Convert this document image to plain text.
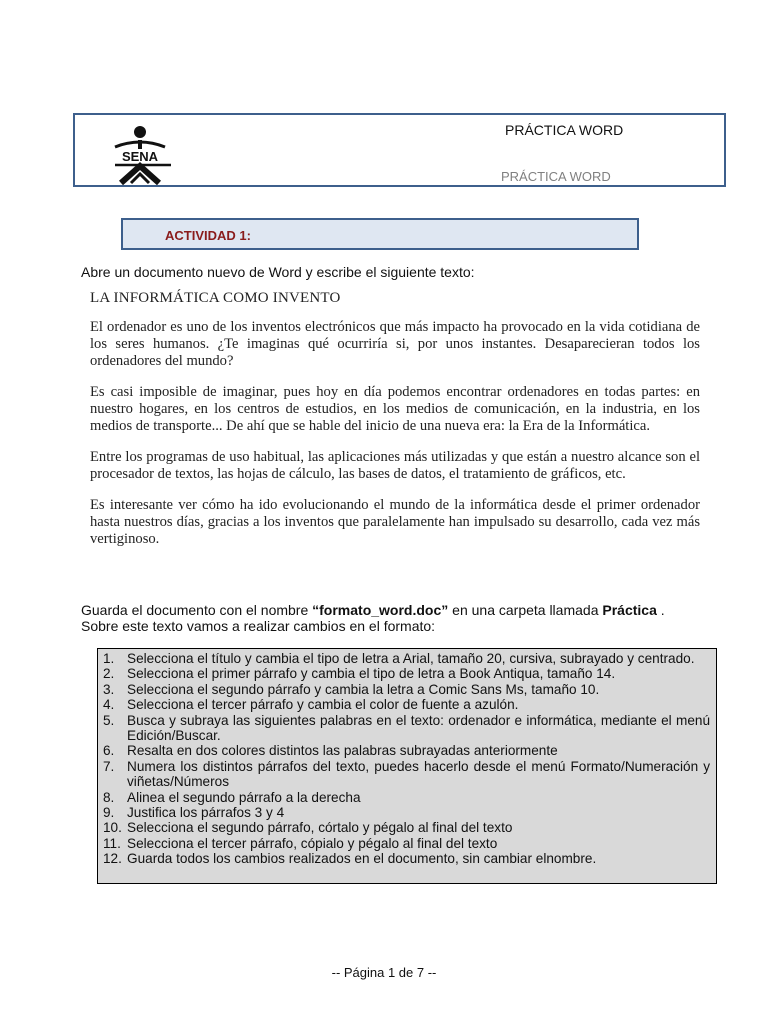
SENA
PRÁCTICA WORD
PRÁCTICA WORD
ACTIVIDAD 1:
Abre un documento nuevo de Word y escribe el siguiente texto:
LA INFORMÁTICA COMO INVENTO

El ordenador es uno de los inventos electrónicos que más impacto ha provocado en la vida cotidiana de los seres humanos. ¿Te imaginas qué ocurriría si, por unos instantes. Desaparecieran todos los ordenadores del mundo?

Es casi imposible de imaginar, pues hoy en día podemos encontrar ordenadores en todas partes: en nuestro hogares, en los centros de estudios, en los medios de comunicación, en la industria, en los medios de transporte... De ahí que se hable del inicio de una nueva era: la Era de la Informática.

Entre los programas de uso habitual, las aplicaciones más utilizadas y que están a nuestro alcance son el procesador de textos, las hojas de cálculo, las bases de datos, el tratamiento de gráficos, etc.

Es interesante ver cómo ha ido evolucionando el mundo de la informática desde el primer ordenador hasta nuestros días, gracias a los inventos que paralelamente han impulsado su desarrollo, cada vez más vertiginoso.

Guarda el documento con el nombre “formato_word.doc” en una carpeta llamada Práctica .
Sobre este texto vamos a realizar cambios en el formato:
1. Selecciona el título y cambia el tipo de letra a Arial, tamaño 20, cursiva, subrayado y centrado.
2. Selecciona el primer párrafo y cambia el tipo de letra a Book Antiqua, tamaño 14.
3. Selecciona el segundo párrafo y cambia la letra a Comic Sans Ms, tamaño 10.
4. Selecciona el tercer párrafo y cambia el color de fuente a azulón.
5. Busca y subraya las siguientes palabras en el texto: ordenador e informática, mediante el menú Edición/Buscar.
6. Resalta en dos colores distintos las palabras subrayadas anteriormente
7. Numera los distintos párrafos del texto, puedes hacerlo desde el menú Formato/Numeración y viñetas/Números
8. Alinea el segundo párrafo a la derecha
9. Justifica los párrafos 3 y 4
10. Selecciona el segundo párrafo, córtalo y pégalo al final del texto
11. Selecciona el tercer párrafo, cópialo y pégalo al final del texto
12. Guarda todos los cambios realizados en el documento, sin cambiar elnombre.
-- Página 1 de 7 --
